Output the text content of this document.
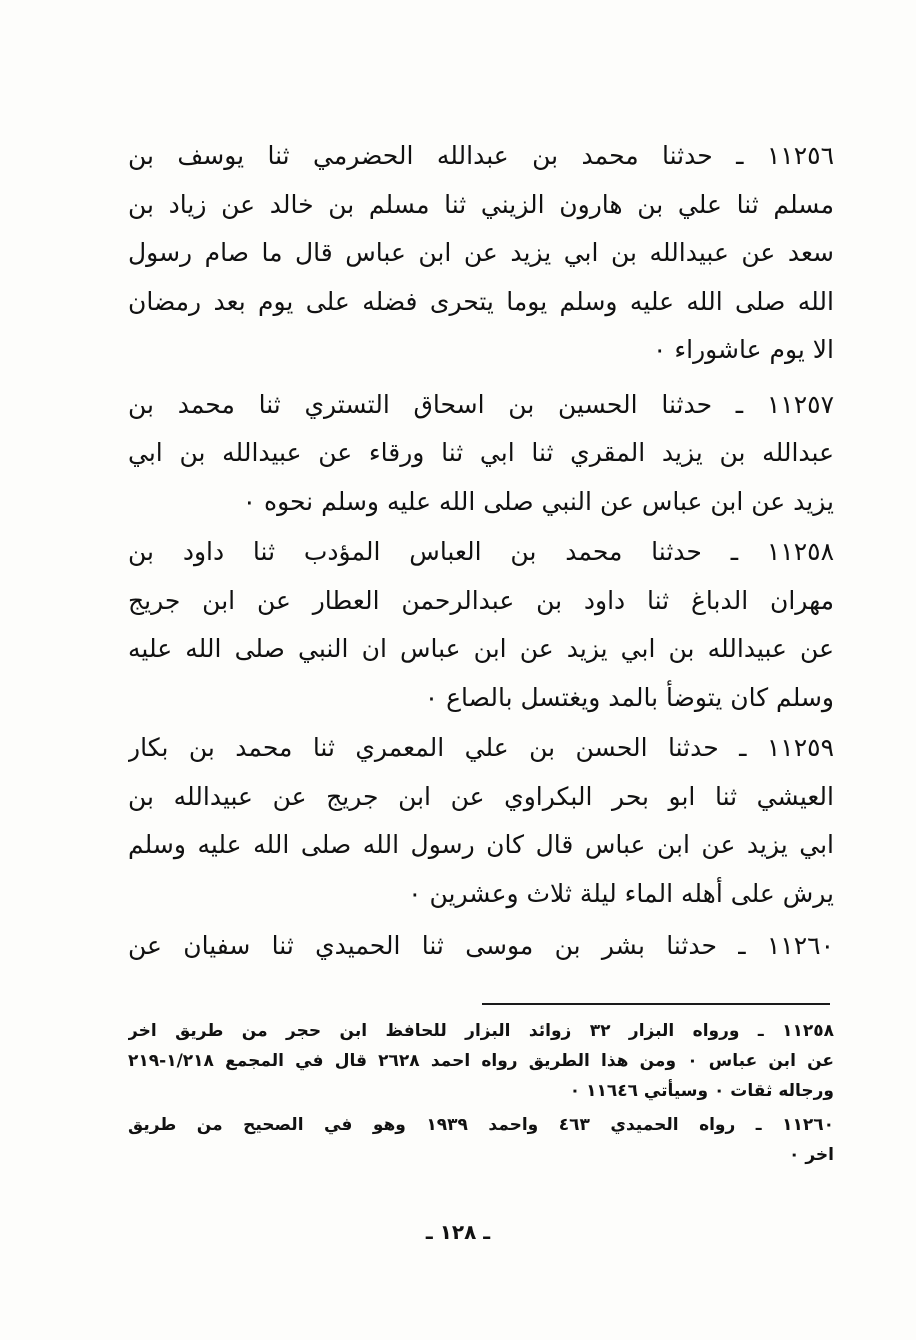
١١٢٥٦ ـ حدثنا محمد بن عبدالله الحضرمي ثنا يوسف بن
مسلم ثنا علي بن هارون الزيني ثنا مسلم بن خالد عن زياد بن
سعد عن عبيدالله بن ابي يزيد عن ابن عباس قال ما صام رسول
الله صلى الله عليه وسلم يوما يتحرى فضله على يوم بعد رمضان
الا يوم عاشوراء ٠
١١٢٥٧ ـ حدثنا الحسين بن اسحاق التستري ثنا محمد بن
عبدالله بن يزيد المقري ثنا ابي ثنا ورقاء عن عبيدالله بن ابي
يزيد عن ابن عباس عن النبي صلى الله عليه وسلم نحوه ٠
١١٢٥٨ ـ حدثنا محمد بن العباس المؤدب ثنا داود بن
مهران الدباغ ثنا داود بن عبدالرحمن العطار عن ابن جريج
عن عبيدالله بن ابي يزيد عن ابن عباس ان النبي صلى الله عليه
وسلم كان يتوضأ بالمد ويغتسل بالصاع ٠
١١٢٥٩ ـ حدثنا الحسن بن علي المعمري ثنا محمد بن بكار
العيشي ثنا ابو بحر البكراوي عن ابن جريج عن عبيدالله بن
ابي يزيد عن ابن عباس قال كان رسول الله صلى الله عليه وسلم
يرش على أهله الماء ليلة ثلاث وعشرين ٠
١١٢٦٠ ـ حدثنا بشر بن موسى ثنا الحميدي ثنا سفيان عن
١١٢٥٨ ـ ورواه البزار ٣٢ زوائد البزار للحافظ ابن حجر من طريق اخر
عن ابن عباس ٠ ومن هذا الطريق رواه احمد ٢٦٢٨ قال في المجمع ١/٢١٨-٢١٩
ورجاله ثقات ٠ وسيأتي ١١٦٤٦ ٠
١١٢٦٠ ـ رواه الحميدي ٤٦٣ واحمد ١٩٣٩ وهو في الصحيح من طريق
اخر ٠
ـ ١٢٨ ـ
